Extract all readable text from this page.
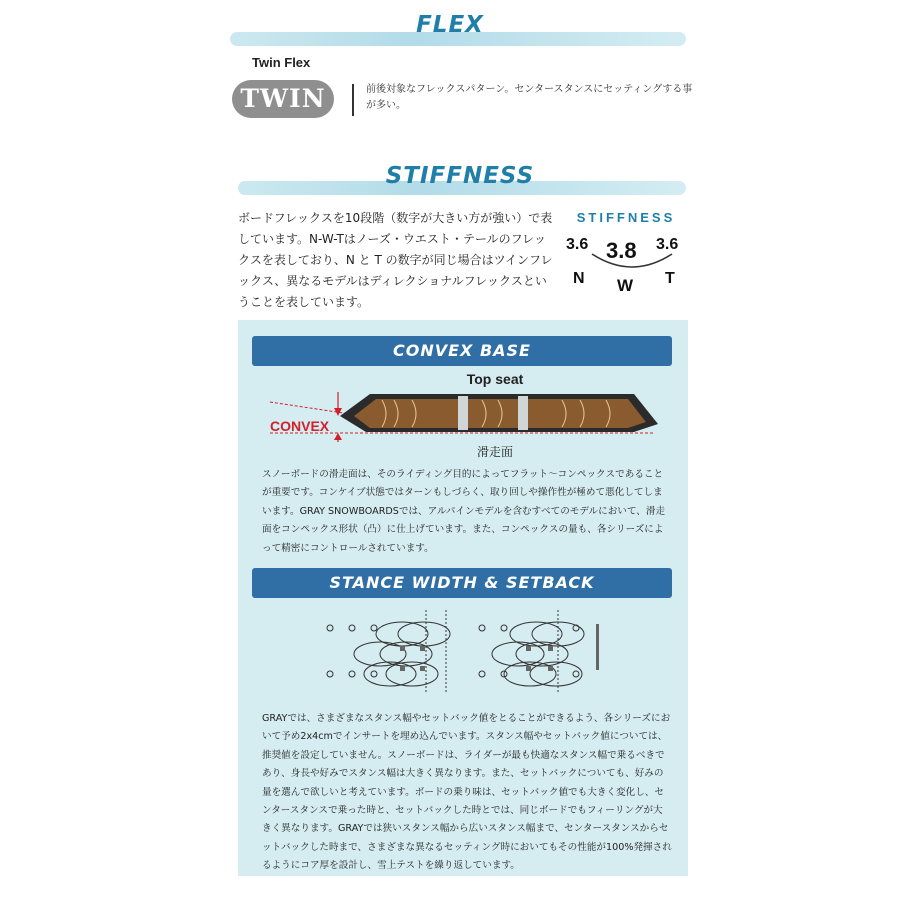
FLEX
Twin Flex
TWIN	前後対象なフレックスパターン。センタースタンスにセッティングする事が多い。
STIFFNESS
ボードフレックスを10段階（数字が大きい方が強い）で表しています。N-W-Tはノーズ・ウエスト・テールのフレックスを表しており、N と T の数字が同じ場合はツインフレックス、異なるモデルはディレクショナルフレックスということを表しています。
STIFFNESS
3.6 3.8 3.6
N W T
CONVEX BASE
Top seat
CONVEX
滑走面
スノーボードの滑走面は、そのライディング目的によってフラット〜コンペックスであることが重要です。コンケイブ状態ではターンもしづらく、取り回しや操作性が極めて悪化してしまいます。GRAY SNOWBOARDSでは、アルパインモデルを含むすべてのモデルにおいて、滑走面をコンペックス形状（凸）に仕上げています。また、コンペックスの量も、各シリーズによって精密にコントロールされています。
STANCE WIDTH & SETBACK
GRAYでは、さまざまなスタンス幅やセットバック値をとることができるよう、各シリーズにおいて予め2x4cmでインサートを埋め込んでいます。スタンス幅やセットバック値については、推奨値を設定していません。スノーボードは、ライダーが最も快適なスタンス幅で乗るべきであり、身長や好みでスタンス幅は大きく異なります。また、セットバックについても、好みの量を選んで欲しいと考えています。ボードの乗り味は、セットバック値でも大きく変化し、センタースタンスで乗った時と、セットバックした時とでは、同じボードでもフィーリングが大きく異なります。GRAYでは狭いスタンス幅から広いスタンス幅まで、センタースタンスからセットバックした時まで、さまざまな異なるセッティング時においてもその性能が100%発揮されるようにコア厚を設計し、雪上テストを繰り返しています。
